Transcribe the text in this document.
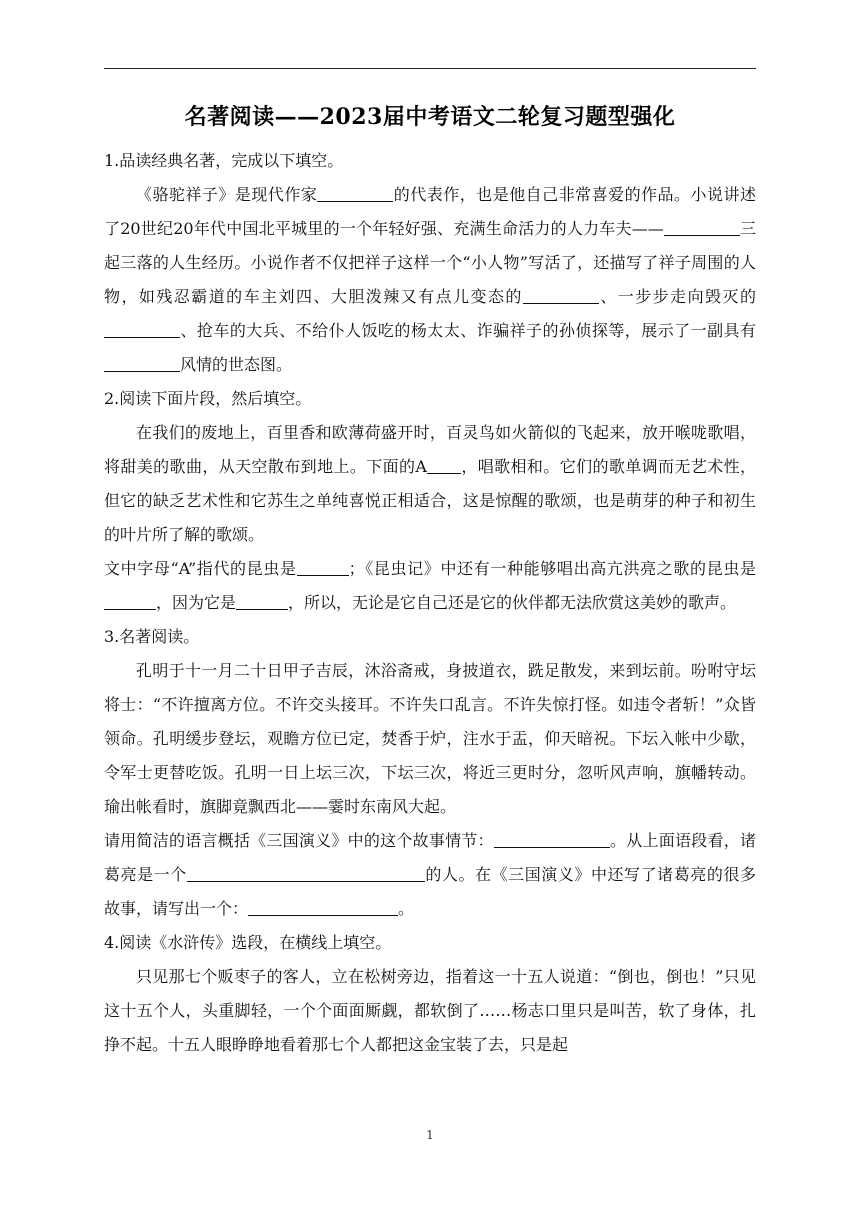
名著阅读——2023届中考语文二轮复习题型强化

1.品读经典名著，完成以下填空。

《骆驼祥子》是现代作家	的代表作，也是他自己非常喜爱的作品。小说讲述了20世纪20年代中国北平城里的一个年轻好强、充满生命活力的人力车夫——	三起三落的人生经历。小说作者不仅把祥子这样一个“小人物”写活了，还描写了祥子周围的人物，如残忍霸道的车主刘四、大胆泼辣又有点儿变态的	、一步步走向毁灭的、抢车的大兵、不给仆人饭吃的杨太太、诈骗祥子的孙侦探等，展示了一副具有风情的世态图。

2.阅读下面片段，然后填空。

在我们的废地上，百里香和欧薄荷盛开时，百灵鸟如火箭似的飞起来，放开喉咙歌唱，将甜美的歌曲，从天空散布到地上。下面的A ，唱歌相和。它们的歌单调而无艺术性，但它的缺乏艺术性和它苏生之单纯喜悦正相适合，这是惊醒的歌颂，也是萌芽的种子和初生的叶片所了解的歌颂。

文中字母“A”指代的昆虫是	；《昆虫记》中还有一种能够唱出高亢洪亮之歌的昆虫是，因为它是	，所以，无论是它自己还是它的伙伴都无法欣赏这美妙的歌声。

3.名著阅读。

孔明于十一月二十日甲子吉辰，沐浴斋戒，身披道衣，跣足散发，来到坛前。吩咐守坛将士：“不许擅离方位。不许交头接耳。不许失口乱言。不许失惊打怪。如违令者斩！”众皆领命。孔明缓步登坛，观瞻方位已定，焚香于炉，注水于盂，仰天暗祝。下坛入帐中少歇，令军士更替吃饭。孔明一日上坛三次，下坛三次，将近三更时分，忽听风声响，旗幡转动。瑜出帐看时，旗脚竟飘西北——霎时东南风大起。

请用简洁的语言概括《三国演义》中的这个故事情节：	。从上面语段看，诸葛亮是一个	的人。在《三国演义》中还写了诸葛亮的很多故事，请写出一个：	。

4.阅读《水浒传》选段，在横线上填空。

只见那七个贩枣子的客人，立在松树旁边，指着这一十五人说道：“倒也，倒也！”只见这十五个人，头重脚轻，一个个面面厮觑，都软倒了……杨志口里只是叫苦，软了身体，扎挣不起。十五人眼睁睁地看着那七个人都把这金宝装了去，只是起

1
